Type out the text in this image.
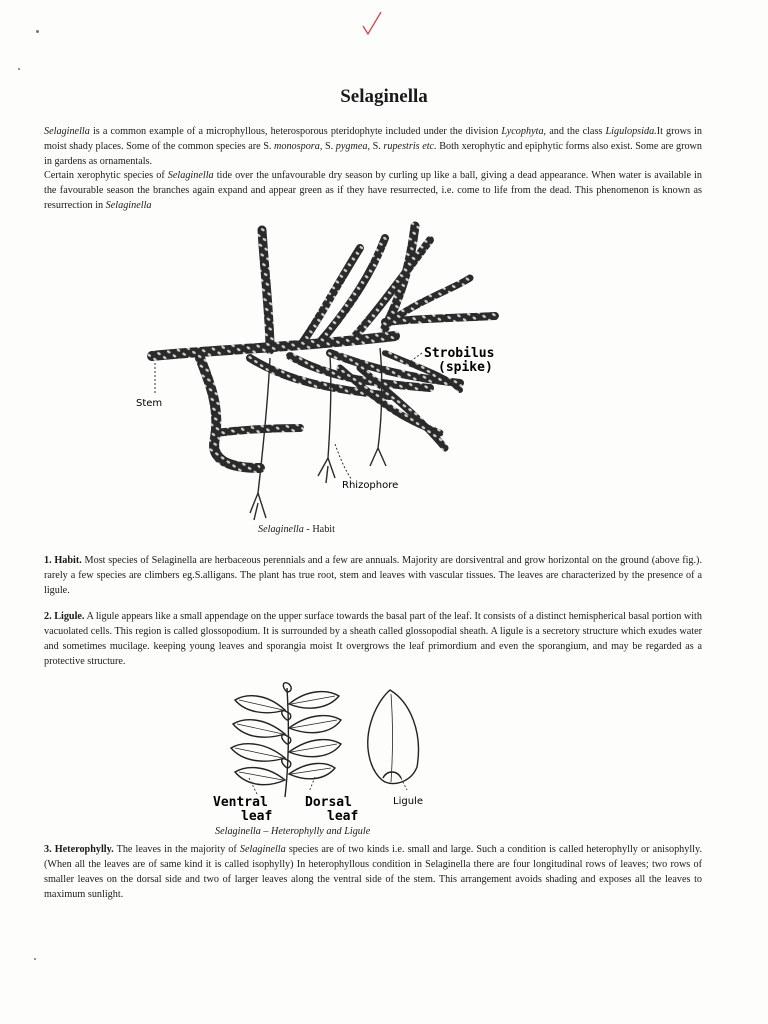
Selaginella
Selaginella is a common example of a microphyllous, heterosporous pteridophyte included under the division Lycophyta, and the class Ligulopsida.It grows in moist shady places. Some of the common species are S. monospora, S. pygmea, S. rupestris etc. Both xerophytic and epiphytic forms also exist. Some are grown in gardens as ornamentals.
Certain xerophytic species of Selaginella tide over the unfavourable dry season by curling up like a ball, giving a dead appearance. When water is available in the favourable season the branches again expand and appear green as if they have resurrected, i.e. come to life from the dead. This phenomenon is known as resurrection in Selaginella
Strobilus
(spike)
Stem
Rhizophore
Selaginella - Habit
1. Habit. Most species of Selaginella are herbaceous perennials and a few are annuals. Majority are dorsiventral and grow horizontal on the ground (above fig.). rarely a few species are climbers eg.S.alligans. The plant has true root, stem and leaves with vascular tissues. The leaves are characterized by the presence of a ligule.
2. Ligule. A ligule appears like a small appendage on the upper surface towards the basal part of the leaf. It consists of a distinct hemispherical basal portion with vacuolated cells. This region is called glossopodium. It is surrounded by a sheath called glossopodial sheath. A ligule is a secretory structure which exudes water and sometimes mucilage. keeping young leaves and sporangia moist It overgrows the leaf primordium and even the sporangium, and may be regarded as a protective structure.
Ventral
leaf
Dorsal
leaf
Ligule
Selaginella – Heterophylly and Ligule
3. Heterophylly. The leaves in the majority of Selaginella species are of two kinds i.e. small and large. Such a condition is called heterophylly or anisophylly. (When all the leaves are of same kind it is called isophylly) In heterophyllous condition in Selaginella there are four longitudinal rows of leaves; two rows of smaller leaves on the dorsal side and two of larger leaves along the ventral side of the stem. This arrangement avoids shading and exposes all the leaves to maximum sunlight.
